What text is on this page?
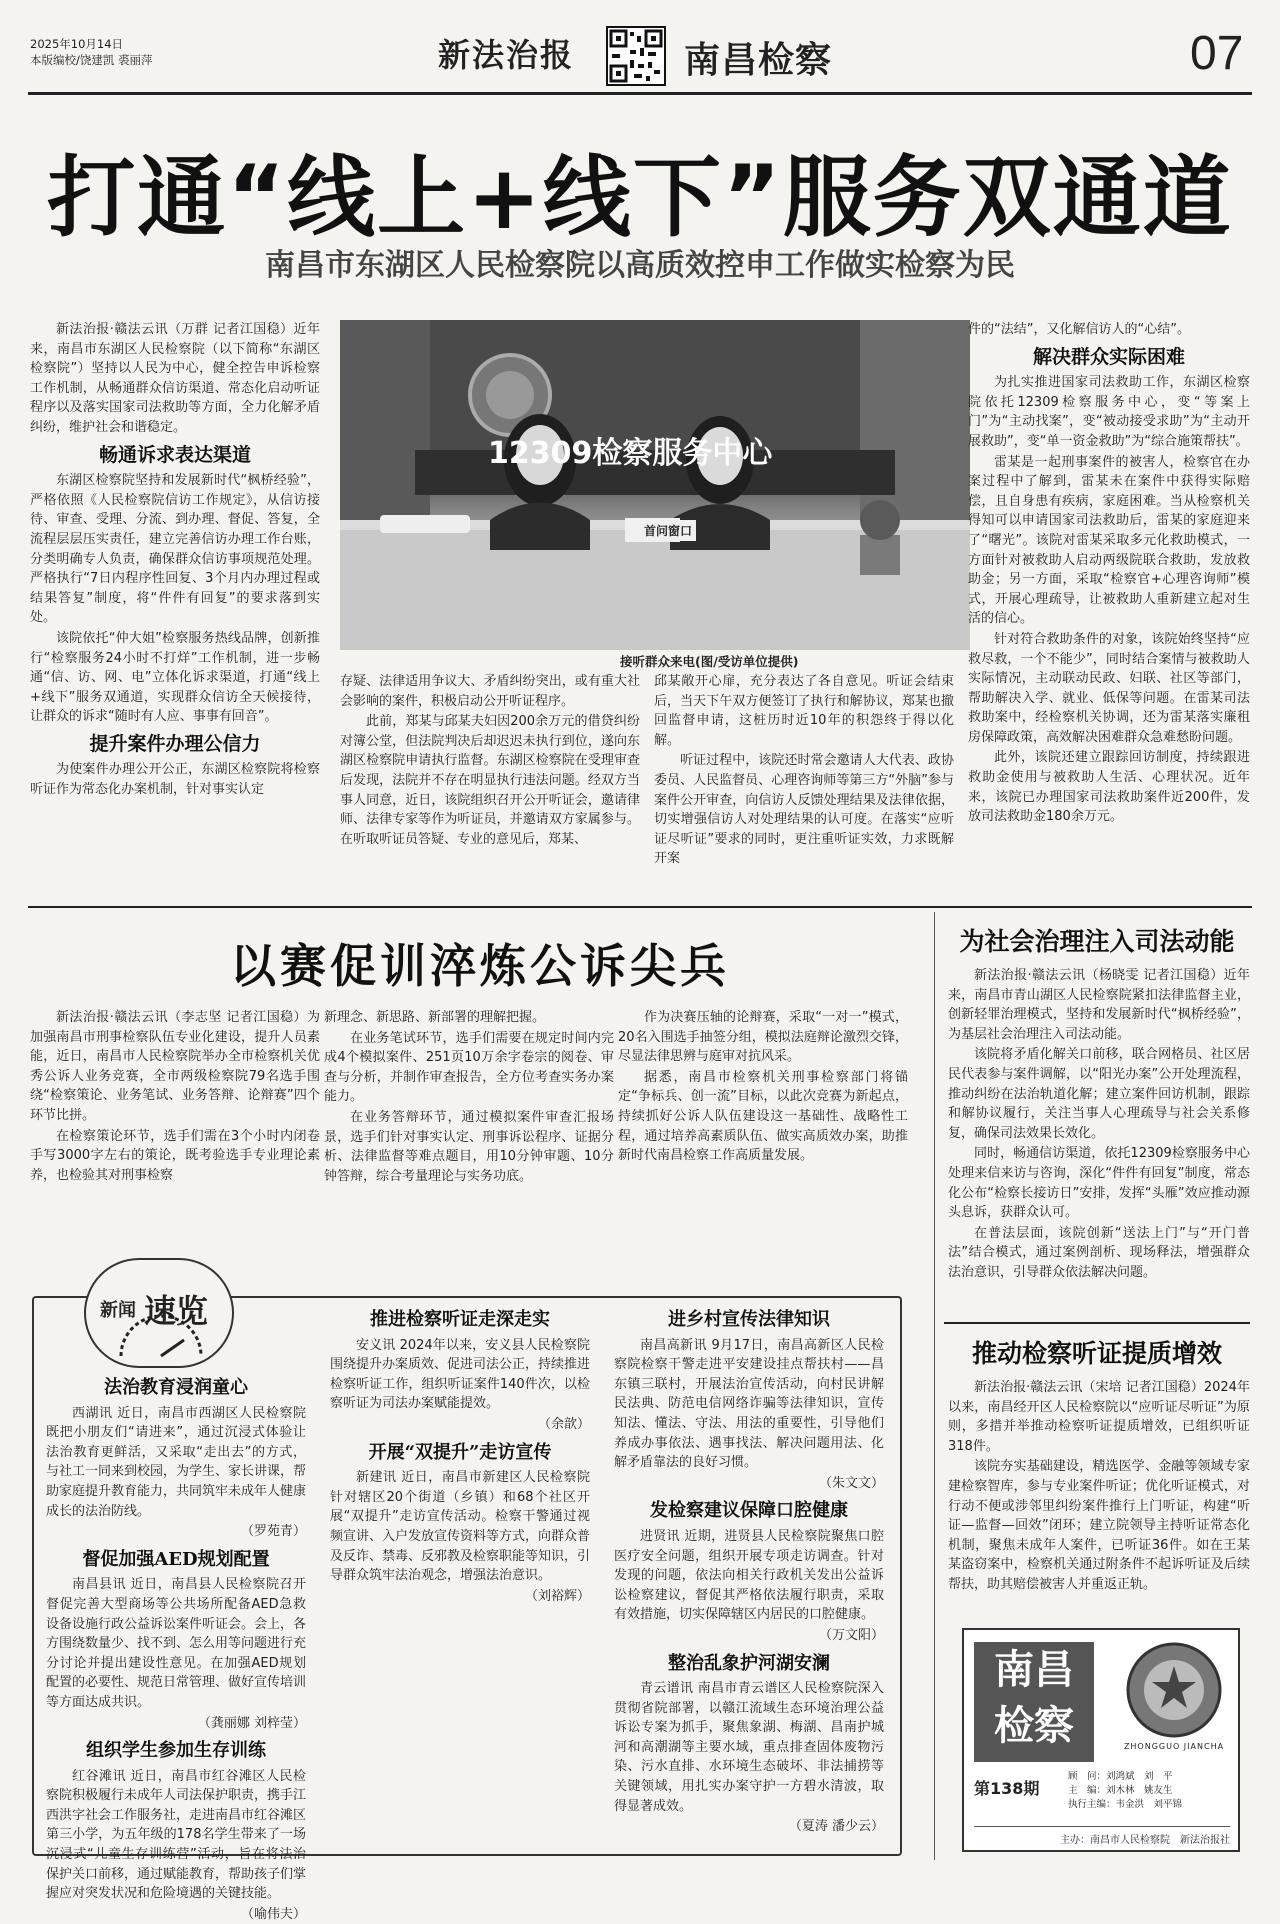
2025年10月14日
本版编校/饶建凯 裘丽萍	新法治报	南昌检察	07
打通“线上+线下”服务双通道
南昌市东湖区人民检察院以高质效控申工作做实检察为民

新法治报·赣法云讯（万群 记者江国稳）近年来，南昌市东湖区人民检察院（以下简称“东湖区检察院”）坚持以人民为中心，健全控告申诉检察工作机制，从畅通群众信访渠道、常态化启动听证程序以及落实国家司法救助等方面，全力化解矛盾纠纷，维护社会和谐稳定。

畅通诉求表达渠道

东湖区检察院坚持和发展新时代“枫桥经验”，严格依照《人民检察院信访工作规定》，从信访接待、审查、受理、分流、到办理、督促、答复，全流程层层压实责任，建立完善信访办理工作台账，分类明确专人负责，确保群众信访事项规范处理。严格执行“7日内程序性回复、3个月内办理过程或结果答复”制度，将“件件有回复”的要求落到实处。

该院依托“仲大姐”检察服务热线品牌，创新推行“检察服务24小时不打烊”工作机制，进一步畅通“信、访、网、电”立体化诉求渠道，打通“线上+线下”服务双通道，实现群众信访全天候接待，让群众的诉求“随时有人应、事事有回音”。

提升案件办理公信力

为使案件办理公开公正，东湖区检察院将检察听证作为常态化办案机制，针对事实认定

12309检察服务中心
首问窗口
接听群众来电(图/受访单位提供)

存疑、法律适用争议大、矛盾纠纷突出，或有重大社会影响的案件，积极启动公开听证程序。

此前，郑某与邱某夫妇因200余万元的借贷纠纷对簿公堂，但法院判决后却迟迟未执行到位，遂向东湖区检察院申请执行监督。东湖区检察院在受理审查后发现，法院并不存在明显执行违法问题。经双方当事人同意，近日，该院组织召开公开听证会，邀请律师、法律专家等作为听证员，并邀请双方家属参与。在听取听证员答疑、专业的意见后，郑某、

邱某敞开心扉，充分表达了各自意见。听证会结束后，当天下午双方便签订了执行和解协议，郑某也撤回监督申请，这桩历时近10年的积怨终于得以化解。

听证过程中，该院还时常会邀请人大代表、政协委员、人民监督员、心理咨询师等第三方“外脑”参与案件公开审查，向信访人反馈处理结果及法律依据，切实增强信访人对处理结果的认可度。在落实“应听证尽听证”要求的同时，更注重听证实效，力求既解开案

件的“法结”，又化解信访人的“心结”。

解决群众实际困难

为扎实推进国家司法救助工作，东湖区检察院依托12309检察服务中心，变“等案上门”为“主动找案”，变“被动接受求助”为“主动开展救助”，变“单一资金救助”为“综合施策帮扶”。

雷某是一起刑事案件的被害人，检察官在办案过程中了解到，雷某未在案件中获得实际赔偿，且自身患有疾病，家庭困难。当从检察机关得知可以申请国家司法救助后，雷某的家庭迎来了“曙光”。该院对雷某采取多元化救助模式，一方面针对被救助人启动两级院联合救助，发放救助金；另一方面，采取“检察官+心理咨询师”模式，开展心理疏导，让被救助人重新建立起对生活的信心。

针对符合救助条件的对象，该院始终坚持“应救尽救，一个不能少”，同时结合案情与被救助人实际情况，主动联动民政、妇联、社区等部门，帮助解决入学、就业、低保等问题。在雷某司法救助案中，经检察机关协调，还为雷某落实廉租房保障政策，高效解决困难群众急难愁盼问题。

此外，该院还建立跟踪回访制度，持续跟进救助金使用与被救助人生活、心理状况。近年来，该院已办理国家司法救助案件近200件，发放司法救助金180余万元。

以赛促训淬炼公诉尖兵

新法治报·赣法云讯（李志坚 记者江国稳）为加强南昌市刑事检察队伍专业化建设，提升人员素能，近日，南昌市人民检察院举办全市检察机关优秀公诉人业务竞赛，全市两级检察院79名选手围绕“检察策论、业务笔试、业务答辩、论辩赛”四个环节比拼。

在检察策论环节，选手们需在3个小时内闭卷手写3000字左右的策论，既考验选手专业理论素养，也检验其对刑事检察

新理念、新思路、新部署的理解把握。

在业务笔试环节，选手们需要在规定时间内完成4个模拟案件、251页10万余字卷宗的阅卷、审查与分析，并制作审查报告，全方位考查实务办案能力。

在业务答辩环节，通过模拟案件审查汇报场景，选手们针对事实认定、刑事诉讼程序、证据分析、法律监督等难点题目，用10分钟审题、10分钟答辩，综合考量理论与实务功底。

作为决赛压轴的论辩赛，采取“一对一”模式，20名入围选手抽签分组，模拟法庭辩论激烈交锋，尽显法律思辨与庭审对抗风采。

据悉，南昌市检察机关刑事检察部门将锚定“争标兵、创一流”目标，以此次竞赛为新起点，持续抓好公诉人队伍建设这一基础性、战略性工程，通过培养高素质队伍、做实高质效办案，助推新时代南昌检察工作高质量发展。

为社会治理注入司法动能

新法治报·赣法云讯（杨晓雯 记者江国稳）近年来，南昌市青山湖区人民检察院紧扣法律监督主业，创新轻罪治理模式，坚持和发展新时代“枫桥经验”，为基层社会治理注入司法动能。

该院将矛盾化解关口前移，联合网格员、社区居民代表参与案件调解，以“阳光办案”公开处理流程，推动纠纷在法治轨道化解；建立案件回访机制，跟踪和解协议履行，关注当事人心理疏导与社会关系修复，确保司法效果长效化。

同时，畅通信访渠道，依托12309检察服务中心处理来信来访与咨询，深化“件件有回复”制度，常态化公布“检察长接访日”安排，发挥“头雁”效应推动源头息诉，获群众认可。

在普法层面，该院创新“送法上门”与“开门普法”结合模式，通过案例剖析、现场释法，增强群众法治意识，引导群众依法解决问题。

推动检察听证提质增效

新法治报·赣法云讯（宋培 记者江国稳）2024年以来，南昌经开区人民检察院以“应听证尽听证”为原则，多措并举推动检察听证提质增效，已组织听证318件。

该院夯实基础建设，精选医学、金融等领域专家建检察智库，参与专业案件听证；优化听证模式，对行动不便或涉邻里纠纷案件推行上门听证，构建“听证—监督—回效”闭环；建立院领导主持听证常态化机制，聚焦未成年人案件，已听证36件。如在王某某盗窃案中，检察机关通过附条件不起诉听证及后续帮扶，助其赔偿被害人并重返正轨。

新闻 速览
法治教育浸润童心

西湖讯 近日，南昌市西湖区人民检察院既把小朋友们“请进来”，通过沉浸式体验让法治教育更鲜活，又采取“走出去”的方式，与社工一同来到校园，为学生、家长讲课，帮助家庭提升教育能力，共同筑牢未成年人健康成长的法治防线。

（罗苑青）
督促加强AED规划配置

南昌县讯 近日，南昌县人民检察院召开督促完善大型商场等公共场所配备AED急救设备设施行政公益诉讼案件听证会。会上，各方围绕数量少、找不到、怎么用等问题进行充分讨论并提出建设性意见。在加强AED规划配置的必要性、规范日常管理、做好宣传培训等方面达成共识。

（龚丽娜 刘梓莹）
组织学生参加生存训练

红谷滩讯 近日，南昌市红谷滩区人民检察院积极履行未成年人司法保护职责，携手江西洪字社会工作服务社，走进南昌市红谷滩区第三小学，为五年级的178名学生带来了一场沉浸式“儿童生存训练营”活动，旨在将法治保护关口前移，通过赋能教育，帮助孩子们掌握应对突发状况和危险境遇的关键技能。

（喻伟夫）
推进检察听证走深走实

安义讯 2024年以来，安义县人民检察院围绕提升办案质效、促进司法公正，持续推进检察听证工作，组织听证案件140件次，以检察听证为司法办案赋能提效。

（余歆）
开展“双提升”走访宣传

新建讯 近日，南昌市新建区人民检察院针对辖区20个街道（乡镇）和68个社区开展“双提升”走访宣传活动。检察干警通过视频宣讲、入户发放宣传资料等方式，向群众普及反诈、禁毒、反邪教及检察职能等知识，引导群众筑牢法治观念，增强法治意识。

（刘裕辉）
进乡村宣传法律知识

南昌高新讯 9月17日，南昌高新区人民检察院检察干警走进平安建设挂点帮扶村——昌东镇三联村，开展法治宣传活动，向村民讲解民法典、防范电信网络诈骗等法律知识，宣传知法、懂法、守法、用法的重要性，引导他们养成办事依法、遇事找法、解决问题用法、化解矛盾靠法的良好习惯。

（朱文文）
发检察建议保障口腔健康

进贤讯 近期，进贤县人民检察院聚焦口腔医疗安全问题，组织开展专项走访调查。针对发现的问题，依法向相关行政机关发出公益诉讼检察建议，督促其严格依法履行职责，采取有效措施，切实保障辖区内居民的口腔健康。

（万文阳）
整治乱象护河湖安澜

青云谱讯 南昌市青云谱区人民检察院深入贯彻省院部署，以赣江流域生态环境治理公益诉讼专案为抓手，聚焦象湖、梅湖、昌南护城河和高潮湖等主要水域，重点排查固体废物污染、污水直排、水环境生态破坏、非法捕捞等关键领域，用扎实办案守护一方碧水清波，取得显著成效。

（夏涛 潘少云）
南昌
检察	ZHONGGUO JIANCHA
第138期
顾　问：刘鸿斌　刘　平
主　编：刘木林　姚友生
执行主编：韦金洪　刘平锦
主办：南昌市人民检察院　新法治报社
